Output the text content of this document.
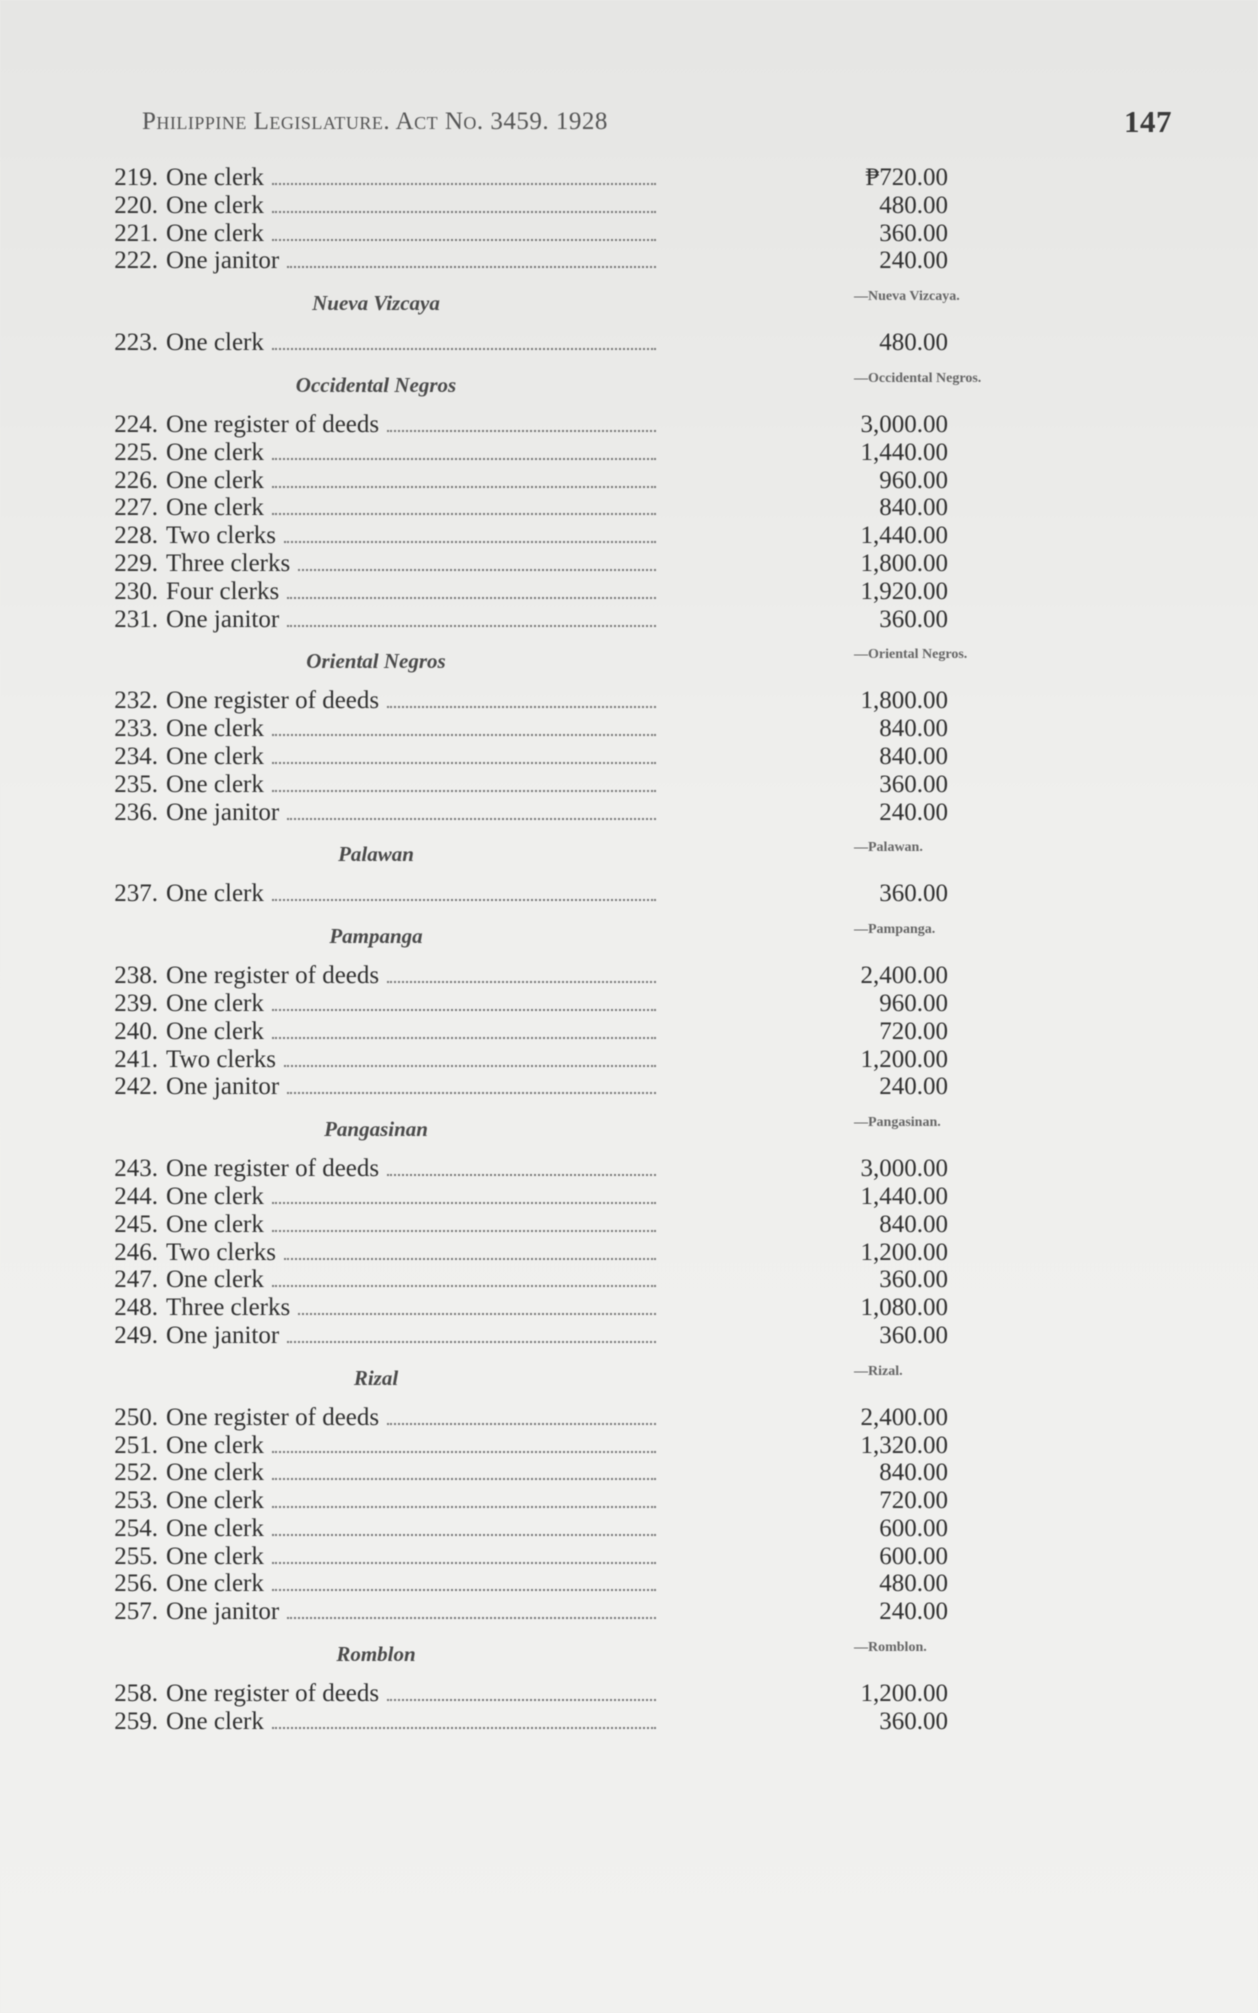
Philippine Legislature. Act No. 3459. 1928	147
219. One clerk	₱720.00
220. One clerk	480.00
221. One clerk	360.00
222. One janitor	240.00
Nueva Vizcaya	—Nueva Vizcaya.
223. One clerk	480.00
Occidental Negros	—Occidental Negros.
224. One register of deeds	3,000.00
225. One clerk	1,440.00
226. One clerk	960.00
227. One clerk	840.00
228. Two clerks	1,440.00
229. Three clerks	1,800.00
230. Four clerks	1,920.00
231. One janitor	360.00
Oriental Negros	—Oriental Negros.
232. One register of deeds	1,800.00
233. One clerk	840.00
234. One clerk	840.00
235. One clerk	360.00
236. One janitor	240.00
Palawan	—Palawan.
237. One clerk	360.00
Pampanga	—Pampanga.
238. One register of deeds	2,400.00
239. One clerk	960.00
240. One clerk	720.00
241. Two clerks	1,200.00
242. One janitor	240.00
Pangasinan	—Pangasinan.
243. One register of deeds	3,000.00
244. One clerk	1,440.00
245. One clerk	840.00
246. Two clerks	1,200.00
247. One clerk	360.00
248. Three clerks	1,080.00
249. One janitor	360.00
Rizal	—Rizal.
250. One register of deeds	2,400.00
251. One clerk	1,320.00
252. One clerk	840.00
253. One clerk	720.00
254. One clerk	600.00
255. One clerk	600.00
256. One clerk	480.00
257. One janitor	240.00
Romblon	—Romblon.
258. One register of deeds	1,200.00
259. One clerk	360.00
